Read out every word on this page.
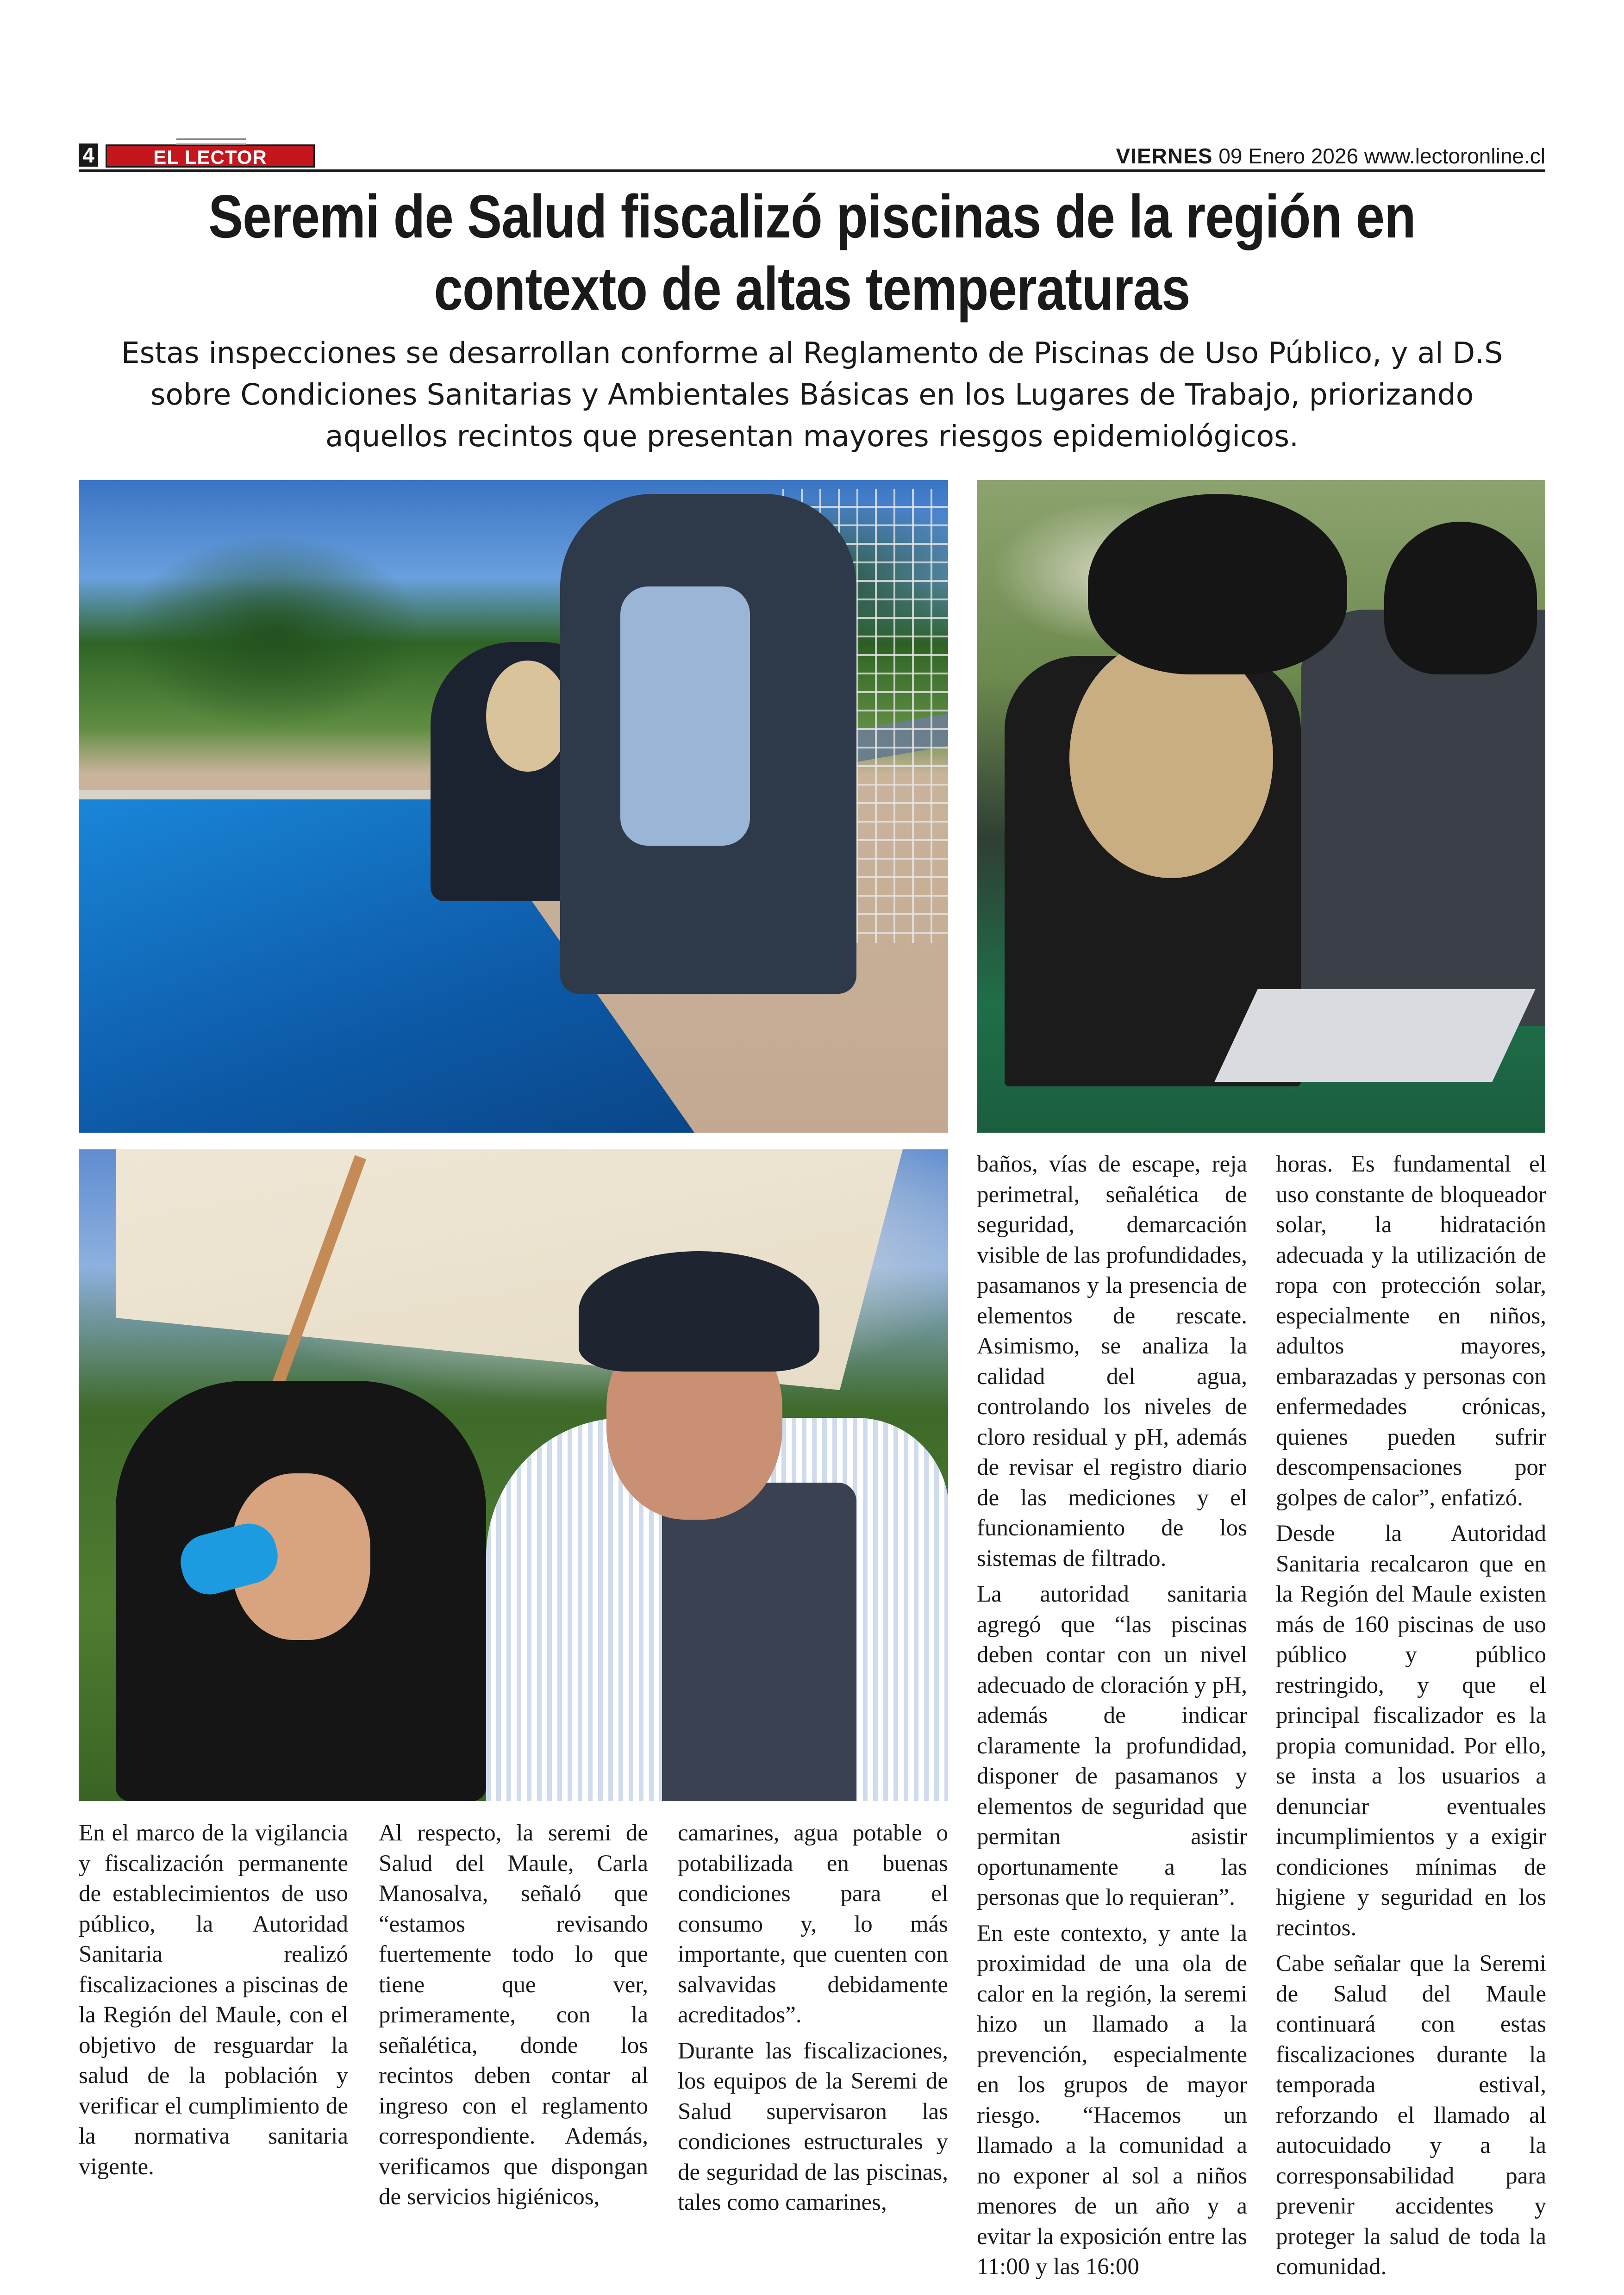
4	EL LECTOR	VIERNES 09 Enero 2026 www.lectoronline.cl
Seremi de Salud fiscalizó piscinas de la región en contexto de altas temperaturas
Estas inspecciones se desarrollan conforme al Reglamento de Piscinas de Uso Público, y al D.S sobre Condiciones Sanitarias y Ambientales Básicas en los Lugares de Trabajo, priorizando aquellos recintos que presentan mayores riesgos epidemiológicos.

En el marco de la vigilancia y fiscalización permanente de establecimientos de uso público, la Autoridad Sanitaria realizó fiscalizaciones a piscinas de la Región del Maule, con el objetivo de resguardar la salud de la población y verificar el cumplimiento de la normativa sanitaria vigente.

Al respecto, la seremi de Salud del Maule, Carla Manosalva, señaló que “estamos revisando fuertemente todo lo que tiene que ver, primeramente, con la señalética, donde los recintos deben contar al ingreso con el reglamento correspondiente. Además, verificamos que dispongan de servicios higiénicos,

camarines, agua potable o potabilizada en buenas condiciones para el consumo y, lo más importante, que cuenten con salvavidas debidamente acreditados”.

Durante las fiscalizaciones, los equipos de la Seremi de Salud supervisaron las condiciones estructurales y de seguridad de las piscinas, tales como camarines,

baños, vías de escape, reja perimetral, señalética de seguridad, demarcación visible de las profundidades, pasamanos y la presencia de elementos de rescate. Asimismo, se analiza la calidad del agua, controlando los niveles de cloro residual y pH, además de revisar el registro diario de las mediciones y el funcionamiento de los sistemas de filtrado.

La autoridad sanitaria agregó que “las piscinas deben contar con un nivel adecuado de cloración y pH, además de indicar claramente la profundidad, disponer de pasamanos y elementos de seguridad que permitan asistir oportunamente a las personas que lo requieran”.

En este contexto, y ante la proximidad de una ola de calor en la región, la seremi hizo un llamado a la prevención, especialmente en los grupos de mayor riesgo. “Hacemos un llamado a la comunidad a no exponer al sol a niños menores de un año y a evitar la exposición entre las 11:00 y las 16:00

horas. Es fundamental el uso constante de bloqueador solar, la hidratación adecuada y la utilización de ropa con protección solar, especialmente en niños, adultos mayores, embarazadas y personas con enfermedades crónicas, quienes pueden sufrir descompensaciones por golpes de calor”, enfatizó.

Desde la Autoridad Sanitaria recalcaron que en la Región del Maule existen más de 160 piscinas de uso público y público restringido, y que el principal fiscalizador es la propia comunidad. Por ello, se insta a los usuarios a denunciar eventuales incumplimientos y a exigir condiciones mínimas de higiene y seguridad en los recintos.

Cabe señalar que la Seremi de Salud del Maule continuará con estas fiscalizaciones durante la temporada estival, reforzando el llamado al autocuidado y a la corresponsabilidad para prevenir accidentes y proteger la salud de toda la comunidad.
